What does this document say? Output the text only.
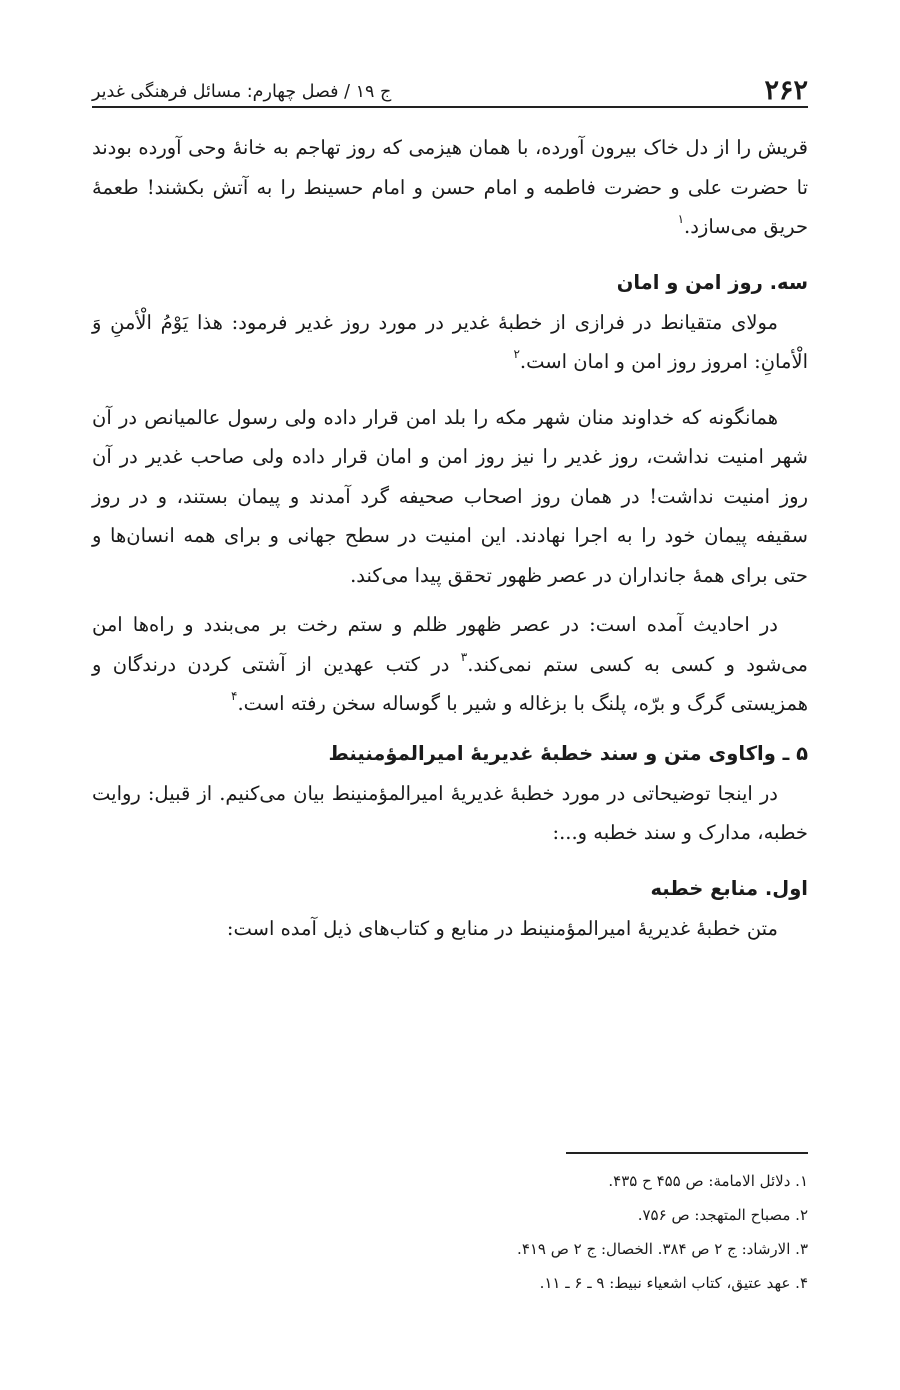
۲۶۲
ج ۱۹ / فصل چهارم: مسائل فرهنگی غدیر

قریش را از دل خاک بیرون آورده، با همان هیزمی که روز تهاجم به خانهٔ وحی آورده بودند تا حضرت علی و حضرت فاطمه و امام حسن و امام حسینط را به آتش بکشند! طعمهٔ حریق می‌سازد.$^۱$

سه. روز امن و امان

مولای متقیانط در فرازی از خطبهٔ غدیر در مورد روز غدیر فرمود: هذا یَوْمُ الْأمنِ وَ الْأمانِ: امروز روز امن و امان است.$^۲$

همانگونه که خداوند منان شهر مکه را بلد امن قرار داده ولی رسول عالمیانص در آن شهر امنیت نداشت، روز غدیر را نیز روز امن و امان قرار داده ولی صاحب غدیر در آن روز امنیت نداشت! در همان روز اصحاب صحیفه گرد آمدند و پیمان بستند، و در روز سقیفه پیمان خود را به اجرا نهادند. این امنیت در سطح جهانی و برای همه انسان‌ها و حتی برای همهٔ جانداران در عصر ظهور تحقق پیدا می‌کند.

در احادیث آمده است: در عصر ظهور ظلم و ستم رخت بر می‌بندد و راه‌ها امن می‌شود و کسی به کسی ستم نمی‌کند.$^۳$ در کتب عهدین از آشتی کردن درندگان و همزیستی گرگ و برّه، پلنگ با بزغاله و شیر با گوساله سخن رفته است.$^۴$

۵ ـ واکاوی متن و سند خطبهٔ غدیریهٔ امیرالمؤمنینط

در اینجا توضیحاتی در مورد خطبهٔ غدیریهٔ امیرالمؤمنینط بیان می‌کنیم. از قبیل: روایت خطبه، مدارک و سند خطبه و...:

اول. منابع خطبه

متن خطبهٔ غدیریهٔ امیرالمؤمنینط در منابع و کتاب‌های ذیل آمده است:

۱. دلائل الامامة: ص ۴۵۵ ح ۴۳۵.
۲. مصباح المتهجد: ص ۷۵۶.
۳. الارشاد: ج ۲ ص ۳۸۴. الخصال: ج ۲ ص ۴۱۹.
۴. عهد عتیق، کتاب اشعیاء نبیط: ۹ ـ ۶ ـ ۱۱.
